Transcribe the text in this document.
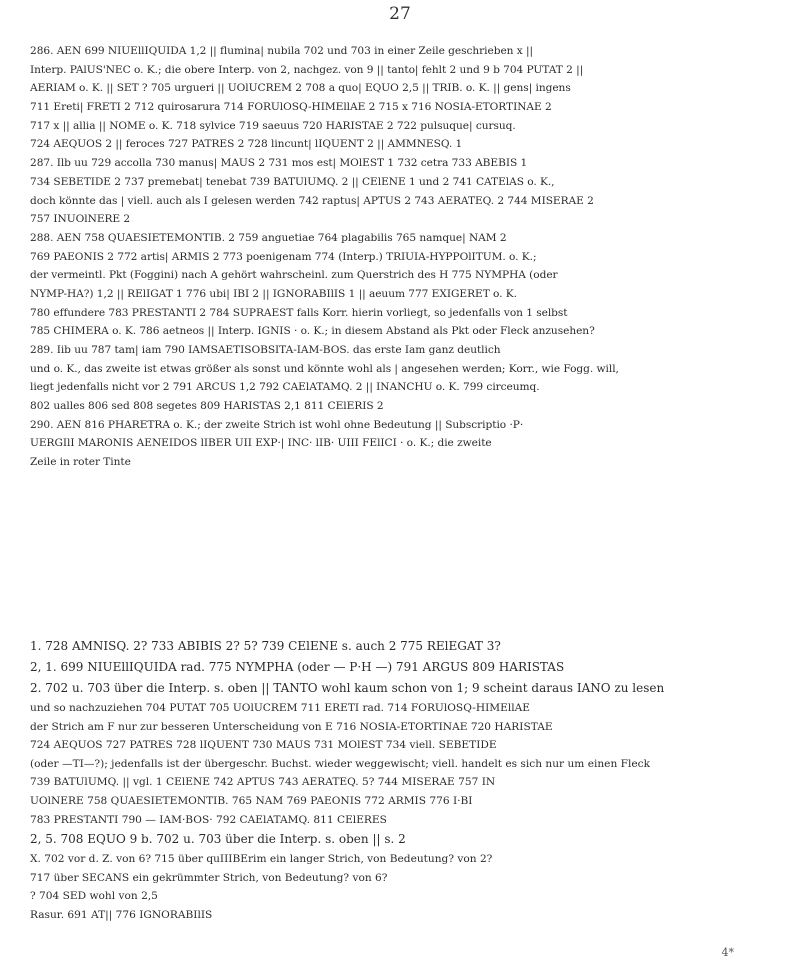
27
286. AEN 699 NIUEllIQUIDA 1,2 || flumina| nubila 702 und 703 in einer Zeile geschrieben x ||
Interp. PAlUS'NEC o. K.; die obere Interp. von 2, nachgez. von 9 || tanto| fehlt 2 und 9 b 704 PUTAT 2 ||
AERIAM o. K. || SET ? 705 urgueri || UOlUCREM 2 708 a quo| EQUO 2,5 || TRIB. o. K. || gens| ingens
711 Ereti| FRETI 2 712 quirosarura 714 FORUlOSQ-HIMEllAE 2 715 x 716 NOSIA-ETORTINAE 2
717 x || allia || NOME o. K. 718 sylvice 719 saeuus 720 HARISTAE 2 722 pulsuque| cursuq.
724 AEQUOS 2 || feroces 727 PATRES 2 728 lincunt| lIQUENT 2 || AMMNESQ. 1
287. Ilb uu 729 accolla 730 manus| MAUS 2 731 mos est| MOlEST 1 732 cetra 733 ABEBIS 1
734 SEBETIDE 2 737 premebat| tenebat 739 BATUlUMQ. 2 || CElENE 1 und 2 741 CATElAS o. K.,
doch könnte das | viell. auch als I gelesen werden 742 raptus| APTUS 2 743 AERATEQ. 2 744 MISERAE 2
757 INUOlNERE 2
288. AEN 758 QUAESIETEMONTIB. 2 759 anguetiae 764 plagabilis 765 namque| NAM 2
769 PAEONIS 2 772 artis| ARMIS 2 773 poenigenam 774 (Interp.) TRIUIA-HYPPOlITUM. o. K.;
der vermeintl. Pkt (Foggini) nach A gehört wahrscheinl. zum Querstrich des H 775 NYMPHA (oder
NYMP-HA?) 1,2 || RElIGAT 1 776 ubi| IBI 2 || IGNORABIlIS 1 || aeuum 777 EXIGERET o. K.
780 effundere 783 PRESTANTI 2 784 SUPRAEST falls Korr. hierin vorliegt, so jedenfalls von 1 selbst
785 CHIMERA o. K. 786 aetneos || Interp. IGNIS · o. K.; in diesem Abstand als Pkt oder Fleck anzusehen?
289. Iib uu 787 tam| iam 790 IAMSAETISOBSITA-IAM-BOS. das erste Iam ganz deutlich
und o. K., das zweite ist etwas größer als sonst und könnte wohl als | angesehen werden; Korr., wie Fogg. will,
liegt jedenfalls nicht vor 2 791 ARCUS 1,2 792 CAElATAMQ. 2 || INANCHU o. K. 799 circeumq.
802 ualles 806 sed 808 segetes 809 HARISTAS 2,1 811 CElERIS 2
290. AEN 816 PHARETRA o. K.; der zweite Strich ist wohl ohne Bedeutung || Subscriptio ·P·
UERGIlI MARONIS AENEIDOS lIBER UII EXP·| INC· lIB· UIII FElICI · o. K.; die zweite
Zeile in roter Tinte
1. 728 AMNISQ. 2? 733 ABIBIS 2? 5? 739 CElENE s. auch 2 775 RElEGAT 3?
2, 1. 699 NIUEllIQUIDA rad. 775 NYMPHA (oder — P·H —) 791 ARGUS 809 HARISTAS
2. 702 u. 703 über die Interp. s. oben || TANTO wohl kaum schon von 1; 9 scheint daraus IANO zu lesen
und so nachzuziehen 704 PUTAT 705 UOlUCREM 711 ERETI rad. 714 FORUlOSQ-HIMEllAE
der Strich am F nur zur besseren Unterscheidung von E 716 NOSIA-ETORTINAE 720 HARISTAE
724 AEQUOS 727 PATRES 728 lIQUENT 730 MAUS 731 MOlEST 734 viell. SEBETIDE
(oder —TI—?); jedenfalls ist der übergeschr. Buchst. wieder weggewischt; viell. handelt es sich nur um einen Fleck
739 BATUlUMQ. || vgl. 1 CElENE 742 APTUS 743 AERATEQ. 5? 744 MISERAE 757 IN
UOlNERE 758 QUAESIETEMONTIB. 765 NAM 769 PAEONIS 772 ARMIS 776 I·BI
783 PRESTANTI 790 — IAM·BOS· 792 CAElATAMQ. 811 CElERES
2, 5. 708 EQUO 9 b. 702 u. 703 über die Interp. s. oben || s. 2
X. 702 vor d. Z. von 6? 715 über quIIIBErim ein langer Strich, von Bedeutung? von 2?
717 über SECANS ein gekrümmter Strich, von Bedeutung? von 6?
? 704 SED wohl von 2,5
Rasur. 691 AT|| 776 IGNORABIlIS
4*
